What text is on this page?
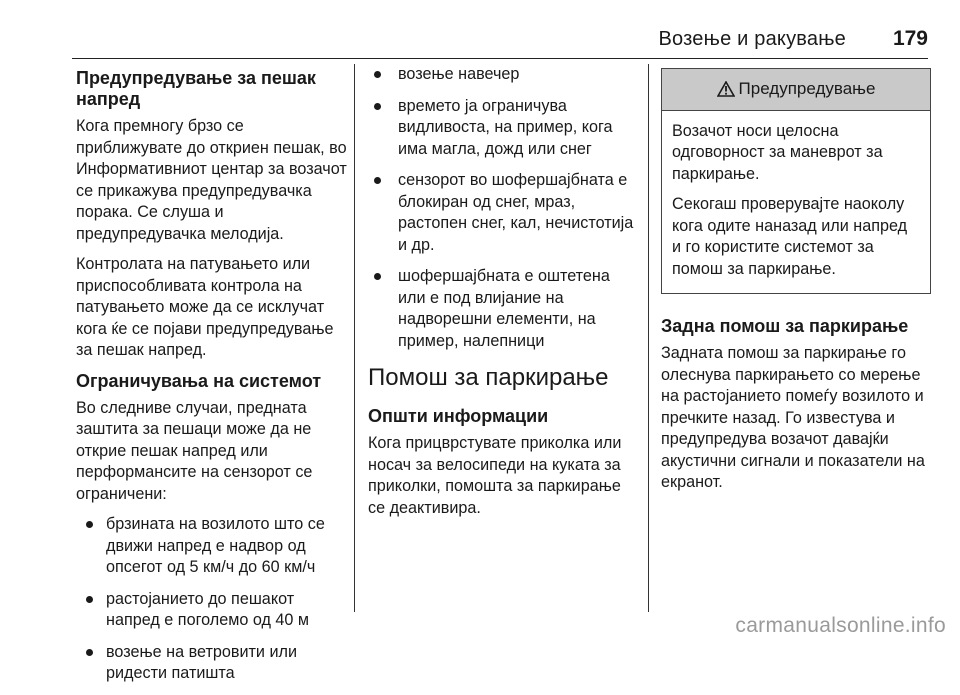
Возење и ракување 179
Предупредување за пешак напред

Кога премногу брзо се приближувате до откриен пешак, во Информативниот центар за возачот се прикажува предупредувачка порака. Се слуша и предупредувачка мелодија.

Контролата на патувањето или приспособливата контрола на патувањето може да се исклучат кога ќе се појави предупредување за пешак напред.

Ограничувања на системот

Во следниве случаи, предната заштита за пешаци може да не открие пешак напред или перформансите на сензорот се ограничени:

брзината на возилото што се движи напред е надвор од опсегот од 5 км/ч до 60 км/ч
растојанието до пешакот напред е поголемо од 40 м
возење на ветровити или ридести патишта
возење навечер
времето ја ограничува видливоста, на пример, кога има магла, дожд или снег
сензорот во шофершајбната е блокиран од снег, мраз, растопен снег, кал, нечистотија и др.
шофершајбната е оштетена или е под влијание на надворешни елементи, на пример, налепници
Помош за паркирање
Општи информации

Кога прицврстувате приколка или носач за велосипеди на куката за приколки, помошта за паркирање се деактивира.

Предупредување

Возачот носи целосна одговорност за маневрот за паркирање.

Секогаш проверувајте наоколу кога одите наназад или напред и го користите системот за помош за паркирање.

Задна помош за паркирање

Задната помош за паркирање го олеснува паркирањето со мерење на растојанието помеѓу возилото и пречките назад. Го известува и предупредува возачот давајќи акустични сигнали и показатели на екранот.

carmanualsonline.info
